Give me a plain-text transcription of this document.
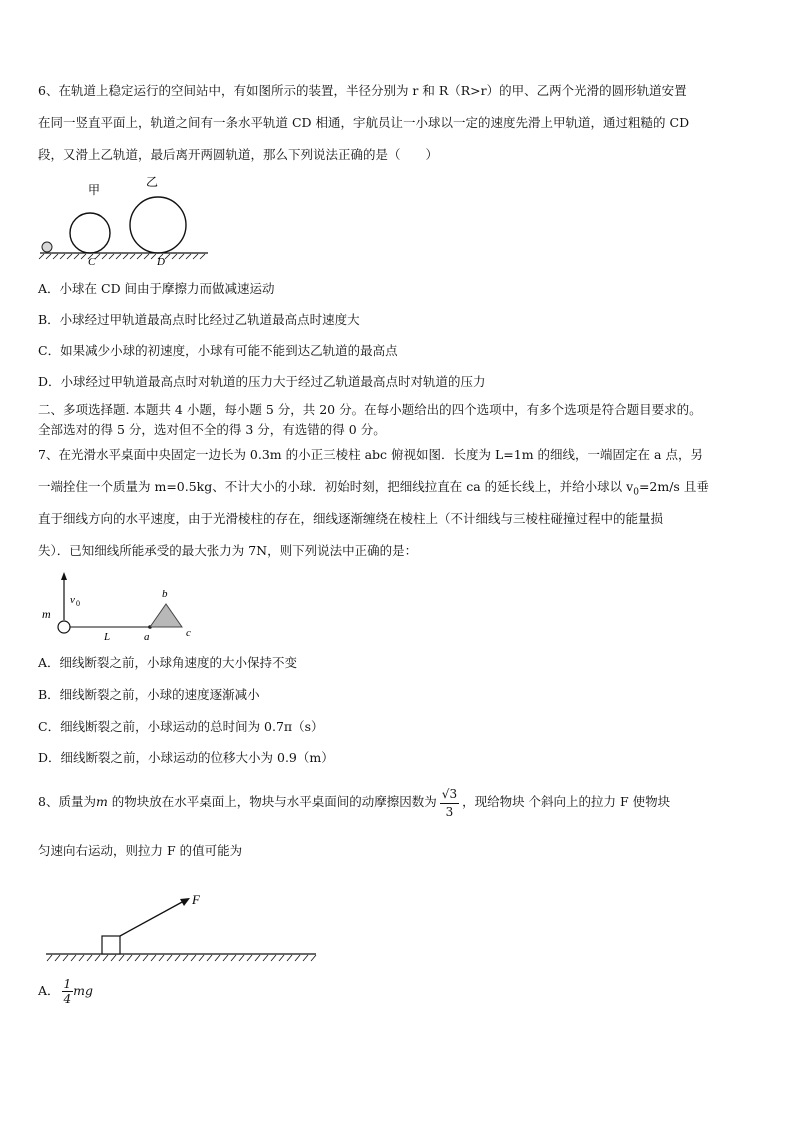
6、在轨道上稳定运行的空间站中，有如图所示的装置，半径分别为 r 和 R（R>r）的甲、乙两个光滑的圆形轨道安置
在同一竖直平面上，轨道之间有一条水平轨道 CD 相通，宇航员让一小球以一定的速度先滑上甲轨道，通过粗糙的 CD
段，又滑上乙轨道，最后离开两圆轨道，那么下列说法正确的是（　　）
甲
乙
C	D
A．小球在 CD 间由于摩擦力而做减速运动
B．小球经过甲轨道最高点时比经过乙轨道最高点时速度大
C．如果减少小球的初速度，小球有可能不能到达乙轨道的最高点
D．小球经过甲轨道最高点时对轨道的压力大于经过乙轨道最高点时对轨道的压力
二、多项选择题. 本题共 4 小题，每小题 5 分，共 20 分。在每小题给出的四个选项中，有多个选项是符合题目要求的。
全部选对的得 5 分，选对但不全的得 3 分，有选错的得 0 分。
7、在光滑水平桌面中央固定一边长为 0.3m 的小正三棱柱 abc 俯视如图．长度为 L=1m 的细线，一端固定在 a 点，另
一端拴住一个质量为 m=0.5kg、不计大小的小球．初始时刻，把细线拉直在 ca 的延长线上，并给小球以 $v_0=2m/s$ 且垂
直于细线方向的水平速度，由于光滑棱柱的存在，细线逐渐缠绕在棱柱上（不计细线与三棱柱碰撞过程中的能量损
失）．已知细线所能承受的最大张力为 7N，则下列说法中正确的是：
m
v 0
L	a
b
c
A．细线断裂之前，小球角速度的大小保持不变
B．细线断裂之前，小球的速度逐渐减小
C．细线断裂之前，小球运动的总时间为 0.7π（s）
D．细线断裂之前，小球运动的位移大小为 0.9（m）
8、质量为m 的物块放在水平桌面上，物块与水平桌面间的动摩擦因数为 $\frac{√3}{3}$ ，现给物块 个斜向上的拉力 F 使物块
匀速向右运动，则拉力 F 的值可能为
F
A． $\frac{1}{4}$ mg
